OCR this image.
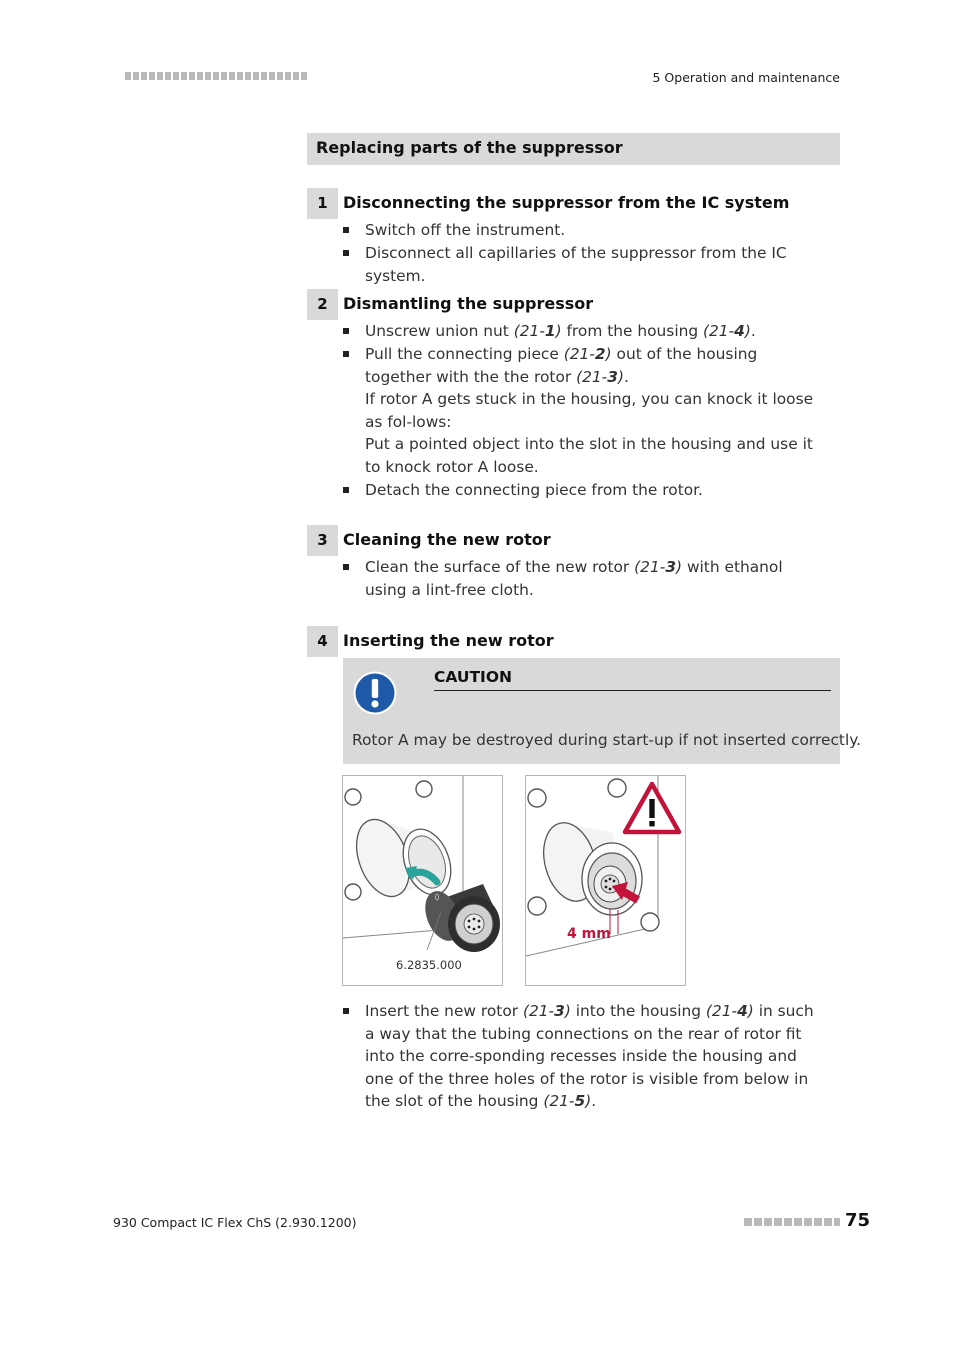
5 Operation and maintenance
Replacing parts of the suppressor
1 Disconnecting the suppressor from the IC system
Switch off the instrument.
Disconnect all capillaries of the suppressor from the IC system.
2 Dismantling the suppressor
Unscrew union nut (21-1) from the housing (21-4).
Pull the connecting piece (21-2) out of the housing together with the the rotor (21-3).
If rotor A gets stuck in the housing, you can knock it loose as fol-lows:
Put a pointed object into the slot in the housing and use it to knock rotor A loose.
Detach the connecting piece from the rotor.
3 Cleaning the new rotor
Clean the surface of the new rotor (21-3) with ethanol using a lint-free cloth.
4 Inserting the new rotor
CAUTION
Rotor A may be destroyed during start-up if not inserted correctly.
6.2835.000
4 mm
Insert the new rotor (21-3) into the housing (21-4) in such a way that the tubing connections on the rear of rotor fit into the corre-sponding recesses inside the housing and one of the three holes of the rotor is visible from below in the slot of the housing (21-5).
930 Compact IC Flex ChS (2.930.1200)	75
